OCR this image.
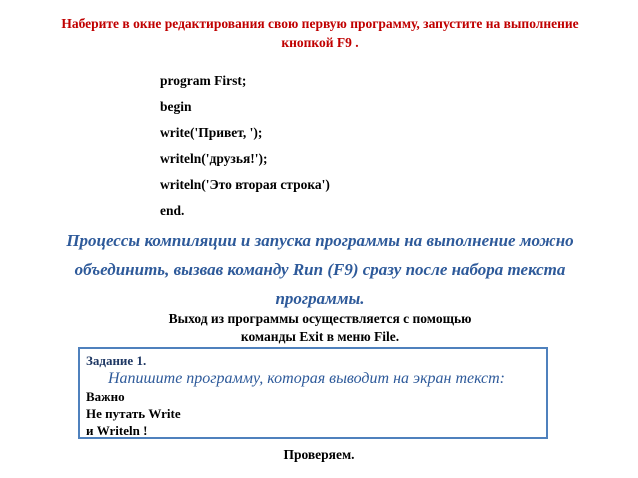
Наберите в окне редактирования свою первую программу, запустите на выполнение
кнопкой F9 .
program First;
begin
write('Привет, ');
writeln('друзья!');
writeln('Это вторая строка')
end.
Процессы компиляции и запуска программы на выполнение можно
объединить, вызвав команду Run (F9) сразу после набора текста
программы.
Выход из программы осуществляется с помощью
команды Exit в меню File.
Задание 1.
Напишите программу, которая выводит на экран текст:
Важно
Не путать Write
и Writeln !
Проверяем.
